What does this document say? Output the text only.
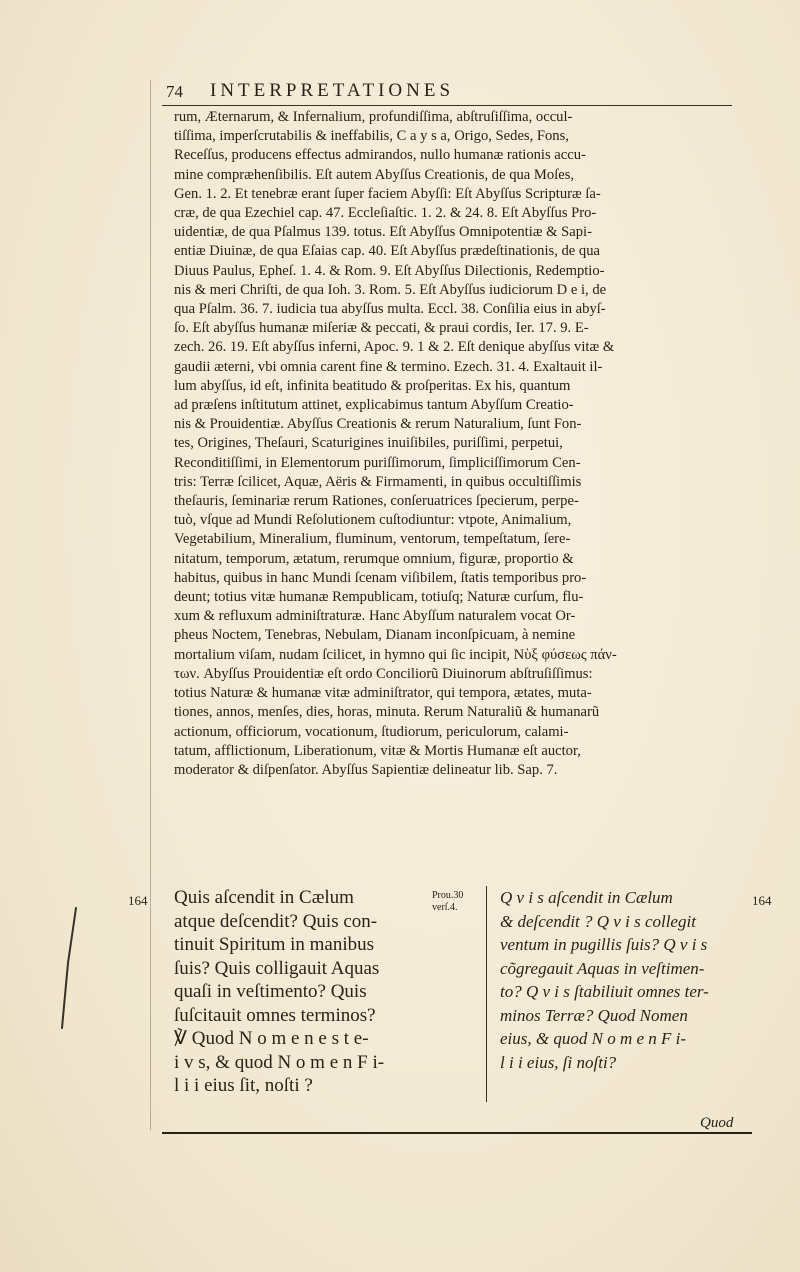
74 INTERPRETATIONES

rum, Æternarum, & Infernalium, profundiſſima, abſtruſiſſima, occul-

tiſſima, imperſcrutabilis & ineffabilis, C a y s a, Origo, Sedes, Fons,

Receſſus, producens effectus admirandos, nullo humanæ rationis accu-

mine compræhenſibilis. Eſt autem Abyſſus Creationis, de qua Moſes,

Gen. 1. 2. Et tenebræ erant ſuper faciem Abyſſi: Eſt Abyſſus Scripturæ ſa-

cræ, de qua Ezechiel cap. 47. Eccleſiaſtic. 1. 2. & 24. 8. Eſt Abyſſus Pro-

uidentiæ, de qua Pſalmus 139. totus. Eſt Abyſſus Omnipotentiæ & Sapi-

entiæ Diuinæ, de qua Eſaias cap. 40. Eſt Abyſſus prædeſtinationis, de qua

Diuus Paulus, Epheſ. 1. 4. & Rom. 9. Eſt Abyſſus Dilectionis, Redemptio-

nis & meri Chriſti, de qua Ioh. 3. Rom. 5. Eſt Abyſſus iudiciorum D e i, de

qua Pſalm. 36. 7. iudicia tua abyſſus multa. Eccl. 38. Conſilia eius in abyſ-

ſo. Eſt abyſſus humanæ miſeriæ & peccati, & praui cordis, Ier. 17. 9. E-

zech. 26. 19. Eſt abyſſus inferni, Apoc. 9. 1 & 2. Eſt denique abyſſus vitæ &

gaudii æterni, vbi omnia carent fine & termino. Ezech. 31. 4. Exaltauit il-

lum abyſſus, id eſt, infinita beatitudo & proſperitas. Ex his, quantum

ad præſens inſtitutum attinet, explicabimus tantum Abyſſum Creatio-

nis & Prouidentiæ. Abyſſus Creationis & rerum Naturalium, ſunt Fon-

tes, Origines, Theſauri, Scaturigines inuiſibiles, puriſſimi, perpetui,

Reconditiſſimi, in Elementorum puriſſimorum, ſimpliciſſimorum Cen-

tris: Terræ ſcilicet, Aquæ, Aëris & Firmamenti, in quibus occultiſſimis

theſauris, ſeminariæ rerum Rationes, conſeruatrices ſpecierum, perpe-

tuò, vſque ad Mundi Reſolutionem cuſtodiuntur: vtpote, Animalium,

Vegetabilium, Mineralium, fluminum, ventorum, tempeſtatum, ſere-

nitatum, temporum, ætatum, rerumque omnium, figuræ, proportio &

habitus, quibus in hanc Mundi ſcenam viſibilem, ſtatis temporibus pro-

deunt; totius vitæ humanæ Rempublicam, totiuſq; Naturæ curſum, flu-

xum & refluxum adminiſtraturæ. Hanc Abyſſum naturalem vocat Or-

pheus Noctem, Tenebras, Nebulam, Dianam inconſpicuam, à nemine

mortalium viſam, nudam ſcilicet, in hymno qui ſic incipit, Νὺξ φύσεως πάν-

των. Abyſſus Prouidentiæ eſt ordo Conciliorũ Diuinorum abſtruſiſſimus:

totius Naturæ & humanæ vitæ adminiſtrator, qui tempora, ætates, muta-

tiones, annos, menſes, dies, horas, minuta. Rerum Naturaliũ & humanarũ

actionum, officiorum, vocationum, ſtudiorum, periculorum, calami-

tatum, afflictionum, Liberationum, vitæ & Mortis Humanæ eſt auctor,

moderator & diſpenſator. Abyſſus Sapientiæ delineatur lib. Sap. 7.

164	164

Quis aſcendit in Cælum

atque deſcendit? Quis con-

tinuit Spiritum in manibus

ſuis? Quis colligauit Aquas

quaſi in veſtimento? Quis

ſuſcitauit omnes terminos?

℣ Quod N o m e n e s t e-

i v s, & quod N o m e n F i-

l i i eius ſit, noſti ?

Prou.30
verſ.4.

Q v i s aſcendit in Cælum

& deſcendit ? Q v i s collegit

ventum in pugillis ſuis? Q v i s

cõgregauit Aquas in veſtimen-

to? Q v i s ſtabiliuit omnes ter-

minos Terræ? Quod Nomen

eius, & quod N o m e n F i-

l i i eius, ſi noſti?

Quod
